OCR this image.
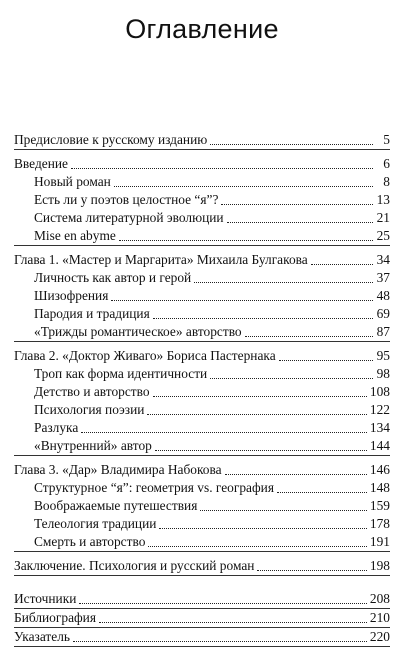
Оглавление
Предисловие к русскому изданию	5
Введение	6
Новый роман	8
Есть ли у поэтов целостное “я”?	13
Система литературной эволюции	21
Mise en abyme	25
Глава 1. «Мастер и Маргарита» Михаила Булгакова	34
Личность как автор и герой	37
Шизофрения	48
Пародия и традиция	69
«Трижды романтическое» авторство	87
Глава 2. «Доктор Живаго» Бориса Пастернака	95
Троп как форма идентичности	98
Детство и авторство	108
Психология поэзии	122
Разлука	134
«Внутренний» автор	144
Глава 3. «Дар» Владимира Набокова	146
Структурное “я”: геометрия vs. география	148
Воображаемые путешествия	159
Телеология традиции	178
Смерть и авторство	191
Заключение. Психология и русский роман	198
Источники	208
Библиография	210
Указатель	220
